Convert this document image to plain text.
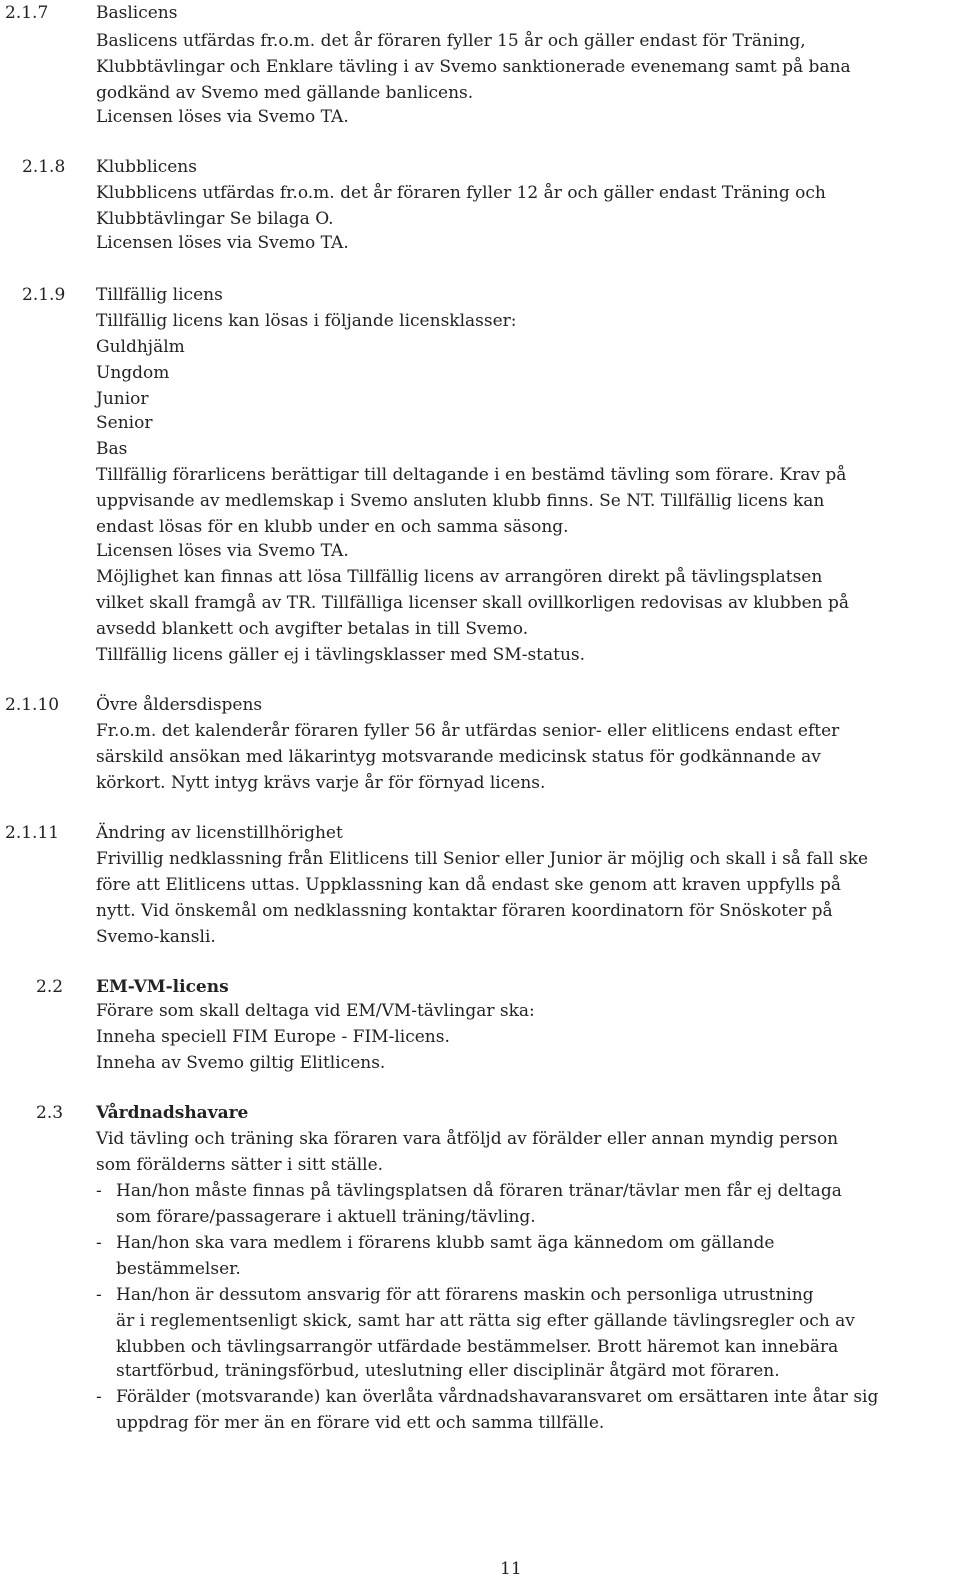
2.1.7	Baslicens
Baslicens utfärdas fr.o.m. det år föraren fyller 15 år och gäller endast för Träning,
Klubbtävlingar och Enklare tävling i av Svemo sanktionerade evenemang samt på bana
godkänd av Svemo med gällande banlicens.
Licensen löses via Svemo TA.
2.1.8 Klubblicens
Klubblicens utfärdas fr.o.m. det år föraren fyller 12 år och gäller endast Träning och
Klubbtävlingar Se bilaga O.
Licensen löses via Svemo TA.
2.1.9 Tillfällig licens
Tillfällig licens kan lösas i följande licensklasser:
Guldhjälm
Ungdom
Junior
Senior
Bas
Tillfällig förarlicens berättigar till deltagande i en bestämd tävling som förare. Krav på
uppvisande av medlemskap i Svemo ansluten klubb finns. Se NT. Tillfällig licens kan
endast lösas för en klubb under en och samma säsong.
Licensen löses via Svemo TA.
Möjlighet kan finnas att lösa Tillfällig licens av arrangören direkt på tävlingsplatsen
vilket skall framgå av TR. Tillfälliga licenser skall ovillkorligen redovisas av klubben på
avsedd blankett och avgifter betalas in till Svemo.
Tillfällig licens gäller ej i tävlingsklasser med SM-status.
2.1.10 Övre åldersdispens
Fr.o.m. det kalenderår föraren fyller 56 år utfärdas senior- eller elitlicens endast efter
särskild ansökan med läkarintyg motsvarande medicinsk status för godkännande av
körkort. Nytt intyg krävs varje år för förnyad licens.
2.1.11 Ändring av licenstillhörighet
Frivillig nedklassning från Elitlicens till Senior eller Junior är möjlig och skall i så fall ske
före att Elitlicens uttas. Uppklassning kan då endast ske genom att kraven uppfylls på
nytt. Vid önskemål om nedklassning kontaktar föraren koordinatorn för Snöskoter på
Svemo-kansli.
2.2 EM-VM-licens
Förare som skall deltaga vid EM/VM-tävlingar ska:
Inneha speciell FIM Europe - FIM-licens.
Inneha av Svemo giltig Elitlicens.
2.3 Vårdnadshavare
Vid tävling och träning ska föraren vara åtföljd av förälder eller annan myndig person
som förälderns sätter i sitt ställe.
- Han/hon måste finnas på tävlingsplatsen då föraren tränar/tävlar men får ej deltaga
som förare/passagerare i aktuell träning/tävling.
- Han/hon ska vara medlem i förarens klubb samt äga kännedom om gällande
bestämmelser.
- Han/hon är dessutom ansvarig för att förarens maskin och personliga utrustning
är i reglementsenligt skick, samt har att rätta sig efter gällande tävlingsregler och av
klubben och tävlingsarrangör utfärdade bestämmelser. Brott häremot kan innebära
startförbud, träningsförbud, uteslutning eller disciplinär åtgärd mot föraren.
- Förälder (motsvarande) kan överlåta vårdnadshavaransvaret om ersättaren inte åtar sig
uppdrag för mer än en förare vid ett och samma tillfälle.
11
